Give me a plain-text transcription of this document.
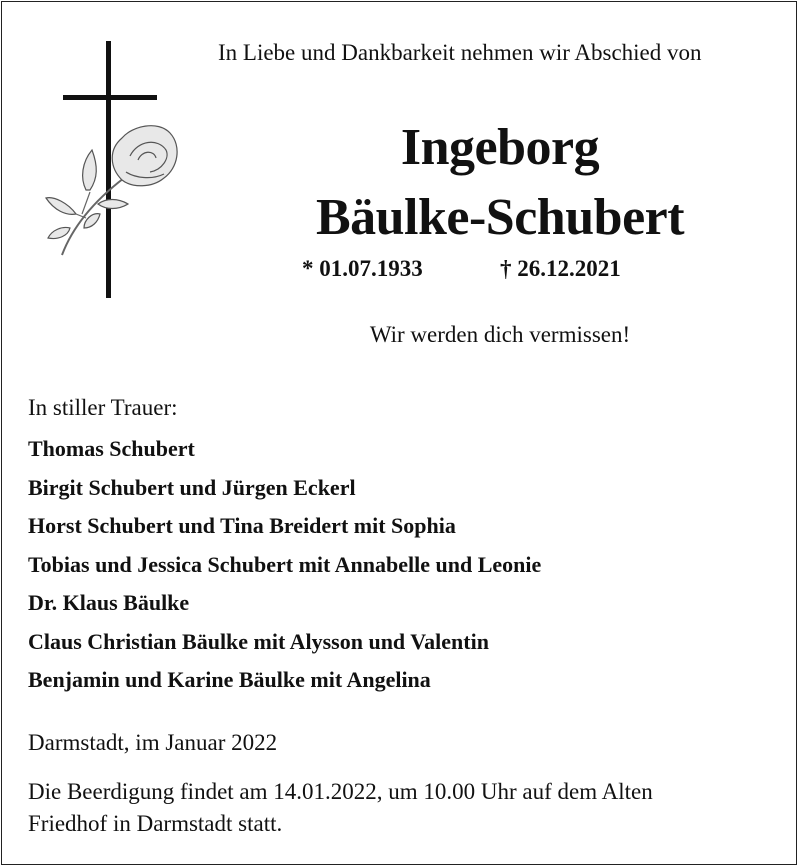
In Liebe und Dankbarkeit nehmen wir Abschied von
Ingeborg
Bäulke-Schubert
* 01.07.1933	† 26.12.2021
Wir werden dich vermissen!
In stiller Trauer:
Thomas Schubert
Birgit Schubert und Jürgen Eckerl
Horst Schubert und Tina Breidert mit Sophia
Tobias und Jessica Schubert mit Annabelle und Leonie
Dr. Klaus Bäulke
Claus Christian Bäulke mit Alysson und Valentin
Benjamin und Karine Bäulke mit Angelina
Darmstadt, im Januar 2022
Die Beerdigung findet am 14.01.2022, um 10.00 Uhr auf dem Alten Friedhof in Darmstadt statt.
